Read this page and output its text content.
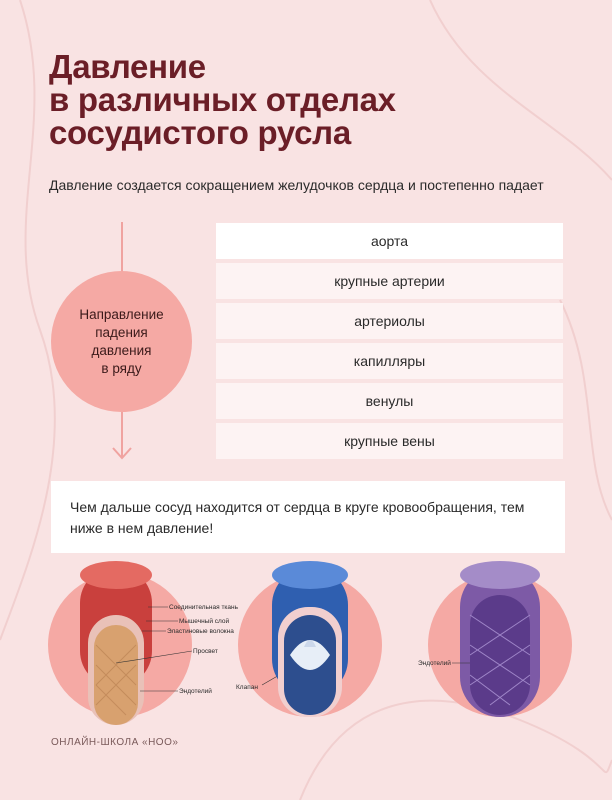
Давление
в различных отделах
сосудистого русла
Давление создается сокращением желудочков сердца и постепенно падает
Направление
падения
давления
в ряду
аорта
крупные артерии
артериолы
капилляры
венулы
крупные вены
Чем дальше сосуд находится от сердца в круге кровообращения, тем ниже в нем давление!
Соединительная ткань
Мышечный слой
Эластиновые волокна
Просвет
Эндотелий
Клапан
Эндотелий
ОНЛАЙН-ШКОЛА «НОО»
